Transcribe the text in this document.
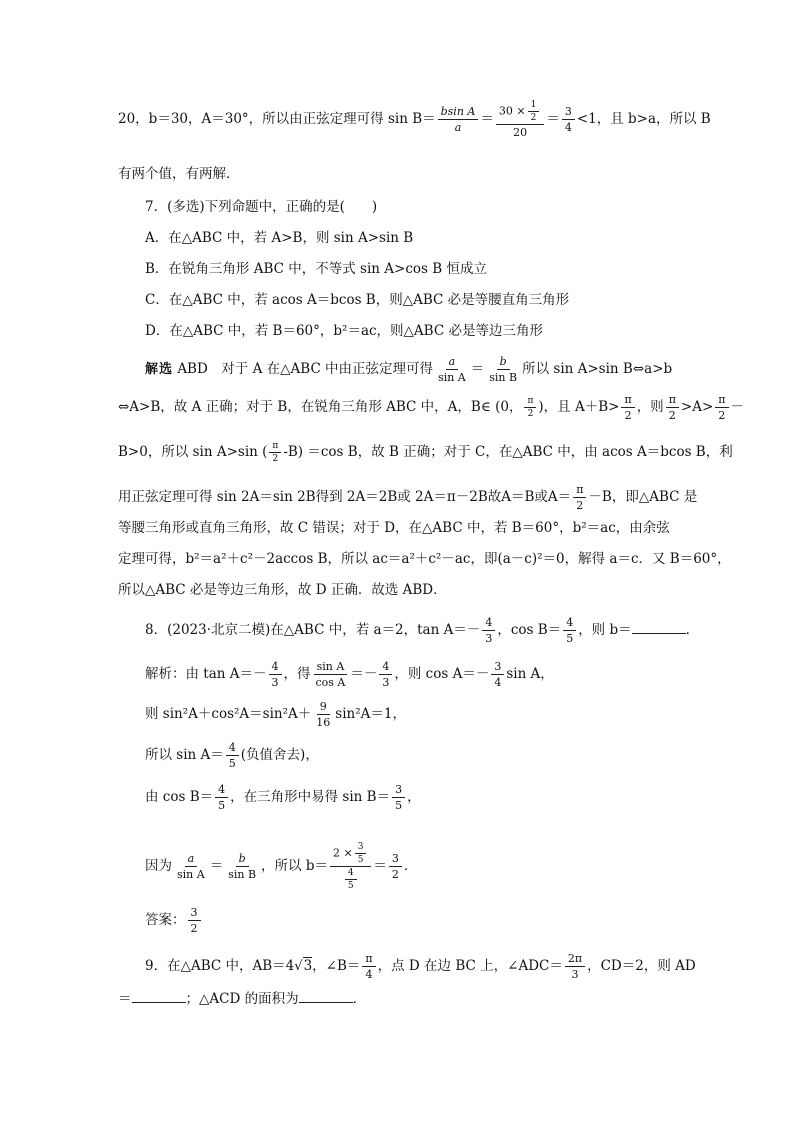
20，b＝30，A＝30°，所以由正弦定理可得 $\sin B= \frac{\text{bsin A}}{a} = \frac{30 \times \frac{1}{2}}{20} = \frac{3}{4} <1$，且 b>a，所以 B
有两个值，有两解．
7．(多选)下列命题中，正确的是(　　)
A．在△ABC 中，若 A>B，则 sin A>sin B
B．在锐角三角形 ABC 中，不等式 sin A>cos B 恒成立
C．在△ABC 中，若 acos A＝bcos B，则△ABC 必是等腰直角三角形
D．在△ABC 中，若 B＝60°，b²＝ac，则△ABC 必是等边三角形
解选 ABD　对于 A 在△ABC 中由正弦定理可得 $\frac{a}{\text{sin A}} = \frac{b}{\text{sin B}}$ 所以 sin A>sin B⇔a>b
⇔A>B，故 A 正确；对于 B，在锐角三角形 ABC 中，A，B∈ (0， $\frac{\pi}{2}$ )，且 $A+B> \frac{\pi}{2}$ ，则 $\frac{\pi}{2} >A> \frac{\pi}{2}$ －
B>0，所以 sin A>sin ( $\frac{\pi}{2} -B) =\cos$ B，故 B 正确；对于 C，在△ABC 中，由 acos A＝bcos B，利
用正弦定理可得 sin 2A＝sin 2B得到 2A＝2B或 2A＝π－2B故A＝B或$A= \frac{\pi}{2} -B$，即△ABC 是
等腰三角形或直角三角形，故 C 错误；对于 D，在△ABC 中，若 B＝60°，b²＝ac，由余弦
定理可得，b²＝a²＋c²－2accos B，所以 ac＝a²＋c²－ac，即(a－c)²＝0，解得 a＝c．又 B＝60°，
所以△ABC 必是等边三角形，故 D 正确．故选 ABD．
8．(2023·北京二模)在△ABC 中，若 a＝2，$\tan A=- \frac{4}{3}$ ，$\cos B= \frac{4}{5}$ ，则 b＝	．
解析：由 $\tan A=- \frac{4}{3}$ ，得 $\frac{\text{sin A}}{\text{cos A}} =- \frac{4}{3}$ ，则 $\cos A=- \frac{3}{4}$ sin A，
则 $\sin^2A+\cos^2A=\sin^2A+ \frac{9}{16} \sin^2A=1$，
所以 $\sin A= \frac{4}{5}$ (负值舍去)，
由 $\cos B= \frac{4}{5}$ ，在三角形中易得 $\sin B= \frac{3}{5}$ ，
因为 $\frac{a}{\text{sin A}} = \frac{b}{\text{sin B}}$ ，所以 $b= \frac{2 \times \frac{3}{5}}{\frac{4}{5}} = \frac{3}{2}$ ．
答案： $\frac{3}{2}$
9．在△ABC 中，AB＝4√3，∠B＝ $\frac{\pi}{4}$ ，点 D 在边 BC 上，∠ADC＝ $\frac{2\pi}{3}$ ，CD＝2，则 AD
＝	；△ACD 的面积为	．
